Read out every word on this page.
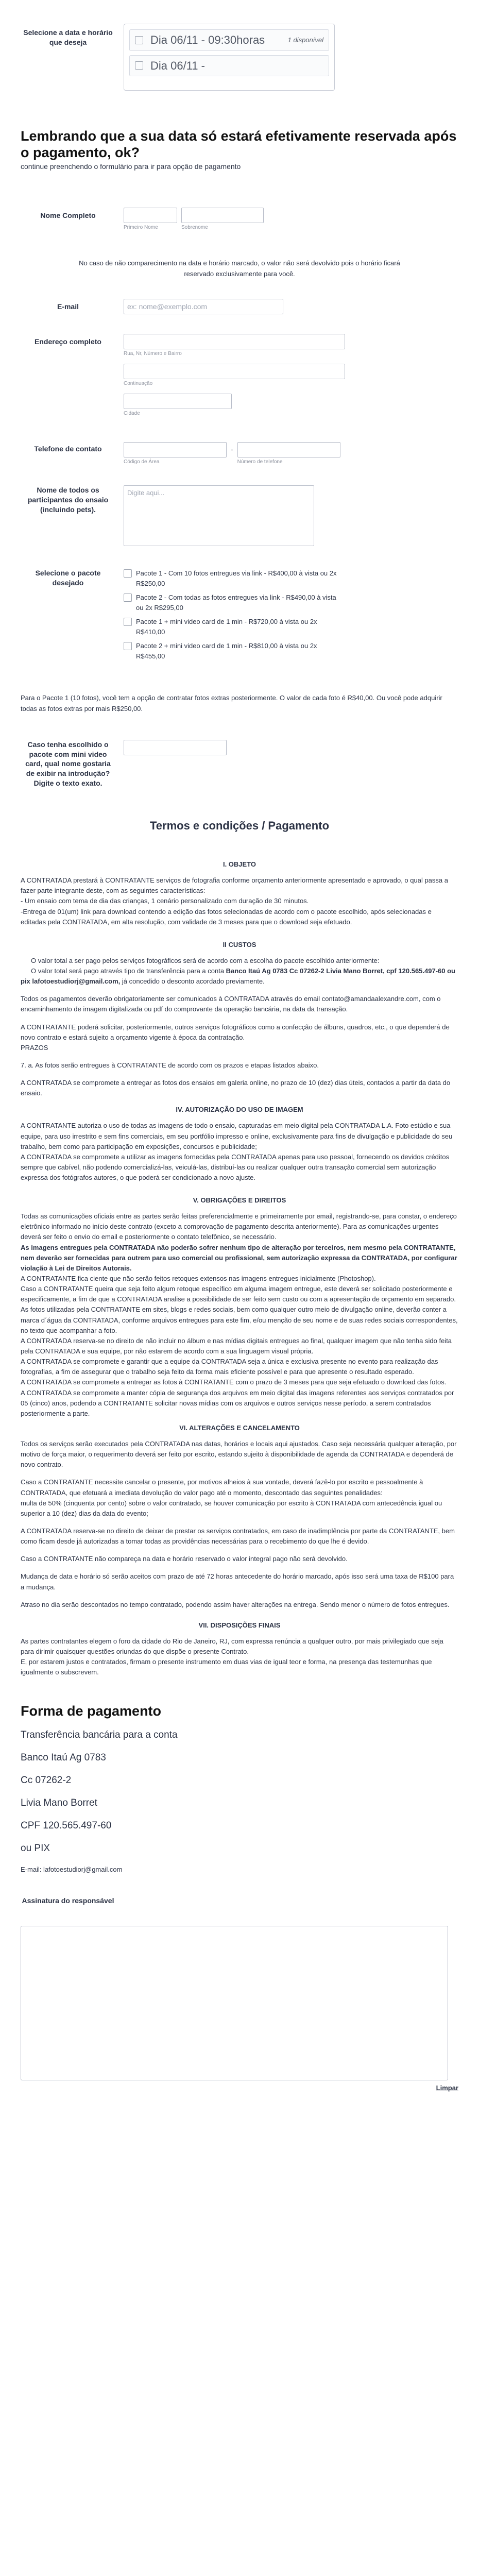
Selecione a data e horário que deseja	Dia 06/11 - 09:30horas	1 disponível
Dia 06/11 -
Lembrando que a sua data só estará efetivamente reservada após o pagamento, ok?
continue preenchendo o formulário para ir para opção de pagamento
Nome Completo
Primeiro Nome	Sobrenome
No caso de não comparecimento na data e horário marcado, o valor não será devolvido pois o horário ficará reservado exclusivamente para você.
E-mail
ex: nome@exemplo.com
Endereço completo
Rua, Nr, Número e Bairro
Continuação
Cidade
Telefone de contato
Código de Área
-
Número de telefone
Nome de todos os participantes do ensaio (incluindo pets).
Digite aqui...
Selecione o pacote desejado
Pacote 1 - Com 10 fotos entregues via link - R$400,00 à vista ou 2x R$250,00
Pacote 2 - Com todas as fotos entregues via link - R$490,00 à vista ou 2x R$295,00
Pacote 1 + mini video card de 1 min - R$720,00 à vista ou 2x R$410,00
Pacote 2 + mini video card de 1 min - R$810,00 à vista ou 2x R$455,00
Para o Pacote 1 (10 fotos), você tem a opção de contratar fotos extras posteriormente. O valor de cada foto é R$40,00. Ou você pode adquirir todas as fotos extras por mais R$250,00.
Caso tenha escolhido o pacote com mini video card, qual nome gostaria de exibir na introdução? Digite o texto exato.
Termos e condições / Pagamento
I. OBJETO

A CONTRATADA prestará à CONTRATANTE serviços de fotografia conforme orçamento anteriormente apresentado e aprovado, o qual passa a fazer parte integrante deste, com as seguintes características:

- Um ensaio com tema de dia das crianças, 1 cenário personalizado com duração de 30 minutos.

-Entrega de 01(um) link para download contendo a edição das fotos selecionadas de acordo com o pacote escolhido, após selecionadas e editadas pela CONTRATADA, em alta resolução, com validade de 3 meses para que o download seja efetuado.

II CUSTOS

O valor total a ser pago pelos serviços fotográficos será de acordo com a escolha do pacote escolhido anteriormente:

O valor total será pago através tipo de transferência para a conta Banco Itaú Ag 0783 Cc 07262-2 Livia Mano Borret, cpf 120.565.497-60 ou pix lafotoestudiorj@gmail.com, já concedido o desconto acordado previamente.

Todos os pagamentos deverão obrigatoriamente ser comunicados à CONTRATADA através do email contato@amandaalexandre.com, com o encaminhamento de imagem digitalizada ou pdf do comprovante da operação bancária, na data da transação.

A CONTRATANTE poderá solicitar, posteriormente, outros serviços fotográficos como a confecção de álbuns, quadros, etc., o que dependerá de novo contrato e estará sujeito a orçamento vigente à época da contratação.

PRAZOS

7. a. As fotos serão entregues à CONTRATANTE de acordo com os prazos e etapas listados abaixo.

A CONTRATADA se compromete a entregar as fotos dos ensaios em galeria online, no prazo de 10 (dez) dias úteis, contados a partir da data do ensaio.

IV. AUTORIZAÇÃO DO USO DE IMAGEM

A CONTRATANTE autoriza o uso de todas as imagens de todo o ensaio, capturadas em meio digital pela CONTRATADA L.A. Foto estúdio e sua equipe, para uso irrestrito e sem fins comerciais, em seu portfólio impresso e online, exclusivamente para fins de divulgação e publicidade do seu trabalho, bem como para participação em exposições, concursos e publicidade;

A CONTRATADA se compromete a utilizar as imagens fornecidas pela CONTRATADA apenas para uso pessoal, fornecendo os devidos créditos sempre que cabível, não podendo comercializá-las, veiculá-las, distribuí-las ou realizar qualquer outra transação comercial sem autorização expressa dos fotógrafos autores, o que poderá ser condicionado a novo ajuste.

V. OBRIGAÇÕES E DIREITOS

Todas as comunicações oficiais entre as partes serão feitas preferencialmente e primeiramente por email, registrando-se, para constar, o endereço eletrônico informado no início deste contrato (exceto a comprovação de pagamento descrita anteriormente). Para as comunicações urgentes deverá ser feito o envio do email e posteriormente o contato telefônico, se necessário.

As imagens entregues pela CONTRATADA não poderão sofrer nenhum tipo de alteração por terceiros, nem mesmo pela CONTRATANTE, nem deverão ser fornecidas para outrem para uso comercial ou profissional, sem autorização expressa da CONTRATADA, por configurar violação à Lei de Direitos Autorais.

A CONTRATANTE fica ciente que não serão feitos retoques extensos nas imagens entregues inicialmente (Photoshop).

Caso a CONTRATANTE queira que seja feito algum retoque específico em alguma imagem entregue, este deverá ser solicitado posteriormente e especificamente, a fim de que a CONTRATADA analise a possibilidade de ser feito sem custo ou com a apresentação de orçamento em separado.

As fotos utilizadas pela CONTRATANTE em sites, blogs e redes sociais, bem como qualquer outro meio de divulgação online, deverão conter a marca d´água da CONTRATADA, conforme arquivos entregues para este fim, e/ou menção de seu nome e de suas redes sociais correspondentes, no texto que acompanhar a foto.

A CONTRATADA reserva-se no direito de não incluir no álbum e nas mídias digitais entregues ao final, qualquer imagem que não tenha sido feita pela CONTRATADA e sua equipe, por não estarem de acordo com a sua linguagem visual própria.

A CONTRATADA se compromete e garantir que a equipe da CONTRATADA seja a única e exclusiva presente no evento para realização das fotografias, a fim de assegurar que o trabalho seja feito da forma mais eficiente possível e para que apresente o resultado esperado.

A CONTRATADA se compromete a entregar as fotos à CONTRATANTE com o prazo de 3 meses para que seja efetuado o download das fotos.

A CONTRATADA se compromete a manter cópia de segurança dos arquivos em meio digital das imagens referentes aos serviços contratados por 05 (cinco) anos, podendo a CONTRATANTE solicitar novas mídias com os arquivos e outros serviços nesse período, a serem contratados posteriormente a parte.

VI. ALTERAÇÕES E CANCELAMENTO

Todos os serviços serão executados pela CONTRATADA nas datas, horários e locais aqui ajustados. Caso seja necessária qualquer alteração, por motivo de força maior, o requerimento deverá ser feito por escrito, estando sujeito à disponibilidade de agenda da CONTRATADA e dependerá de novo contrato.

Caso a CONTRATANTE necessite cancelar o presente, por motivos alheios à sua vontade, deverá fazê-lo por escrito e pessoalmente à CONTRATADA, que efetuará a imediata devolução do valor pago até o momento, descontado das seguintes penalidades:

multa de 50% (cinquenta por cento) sobre o valor contratado, se houver comunicação por escrito à CONTRATADA com antecedência igual ou superior a 10 (dez) dias da data do evento;

A CONTRATADA reserva-se no direito de deixar de prestar os serviços contratados, em caso de inadimplência por parte da CONTRATANTE, bem como ficam desde já autorizadas a tomar todas as providências necessárias para o recebimento do que lhe é devido.

Caso a CONTRATANTE não compareça na data e horário reservado o valor integral pago não será devolvido.

Mudança de data e horário só serão aceitos com prazo de até 72 horas antecedente do horário marcado, após isso será uma taxa de R$100 para a mudança.

Atraso no dia serão descontados no tempo contratado, podendo assim haver alterações na entrega. Sendo menor o número de fotos entregues.

VII. DISPOSIÇÕES FINAIS

As partes contratantes elegem o foro da cidade do Rio de Janeiro, RJ, com expressa renúncia a qualquer outro, por mais privilegiado que seja para dirimir quaisquer questões oriundas do que dispõe o presente Contrato.

E, por estarem justos e contratados, firmam o presente instrumento em duas vias de igual teor e forma, na presença das testemunhas que igualmente o subscrevem.

Forma de pagamento
Transferência bancária para a conta
Banco Itaú Ag 0783
Cc 07262-2
Livia Mano Borret
CPF 120.565.497-60
ou PIX
E-mail: lafotoestudiorj@gmail.com
Assinatura do responsável
Limpar
